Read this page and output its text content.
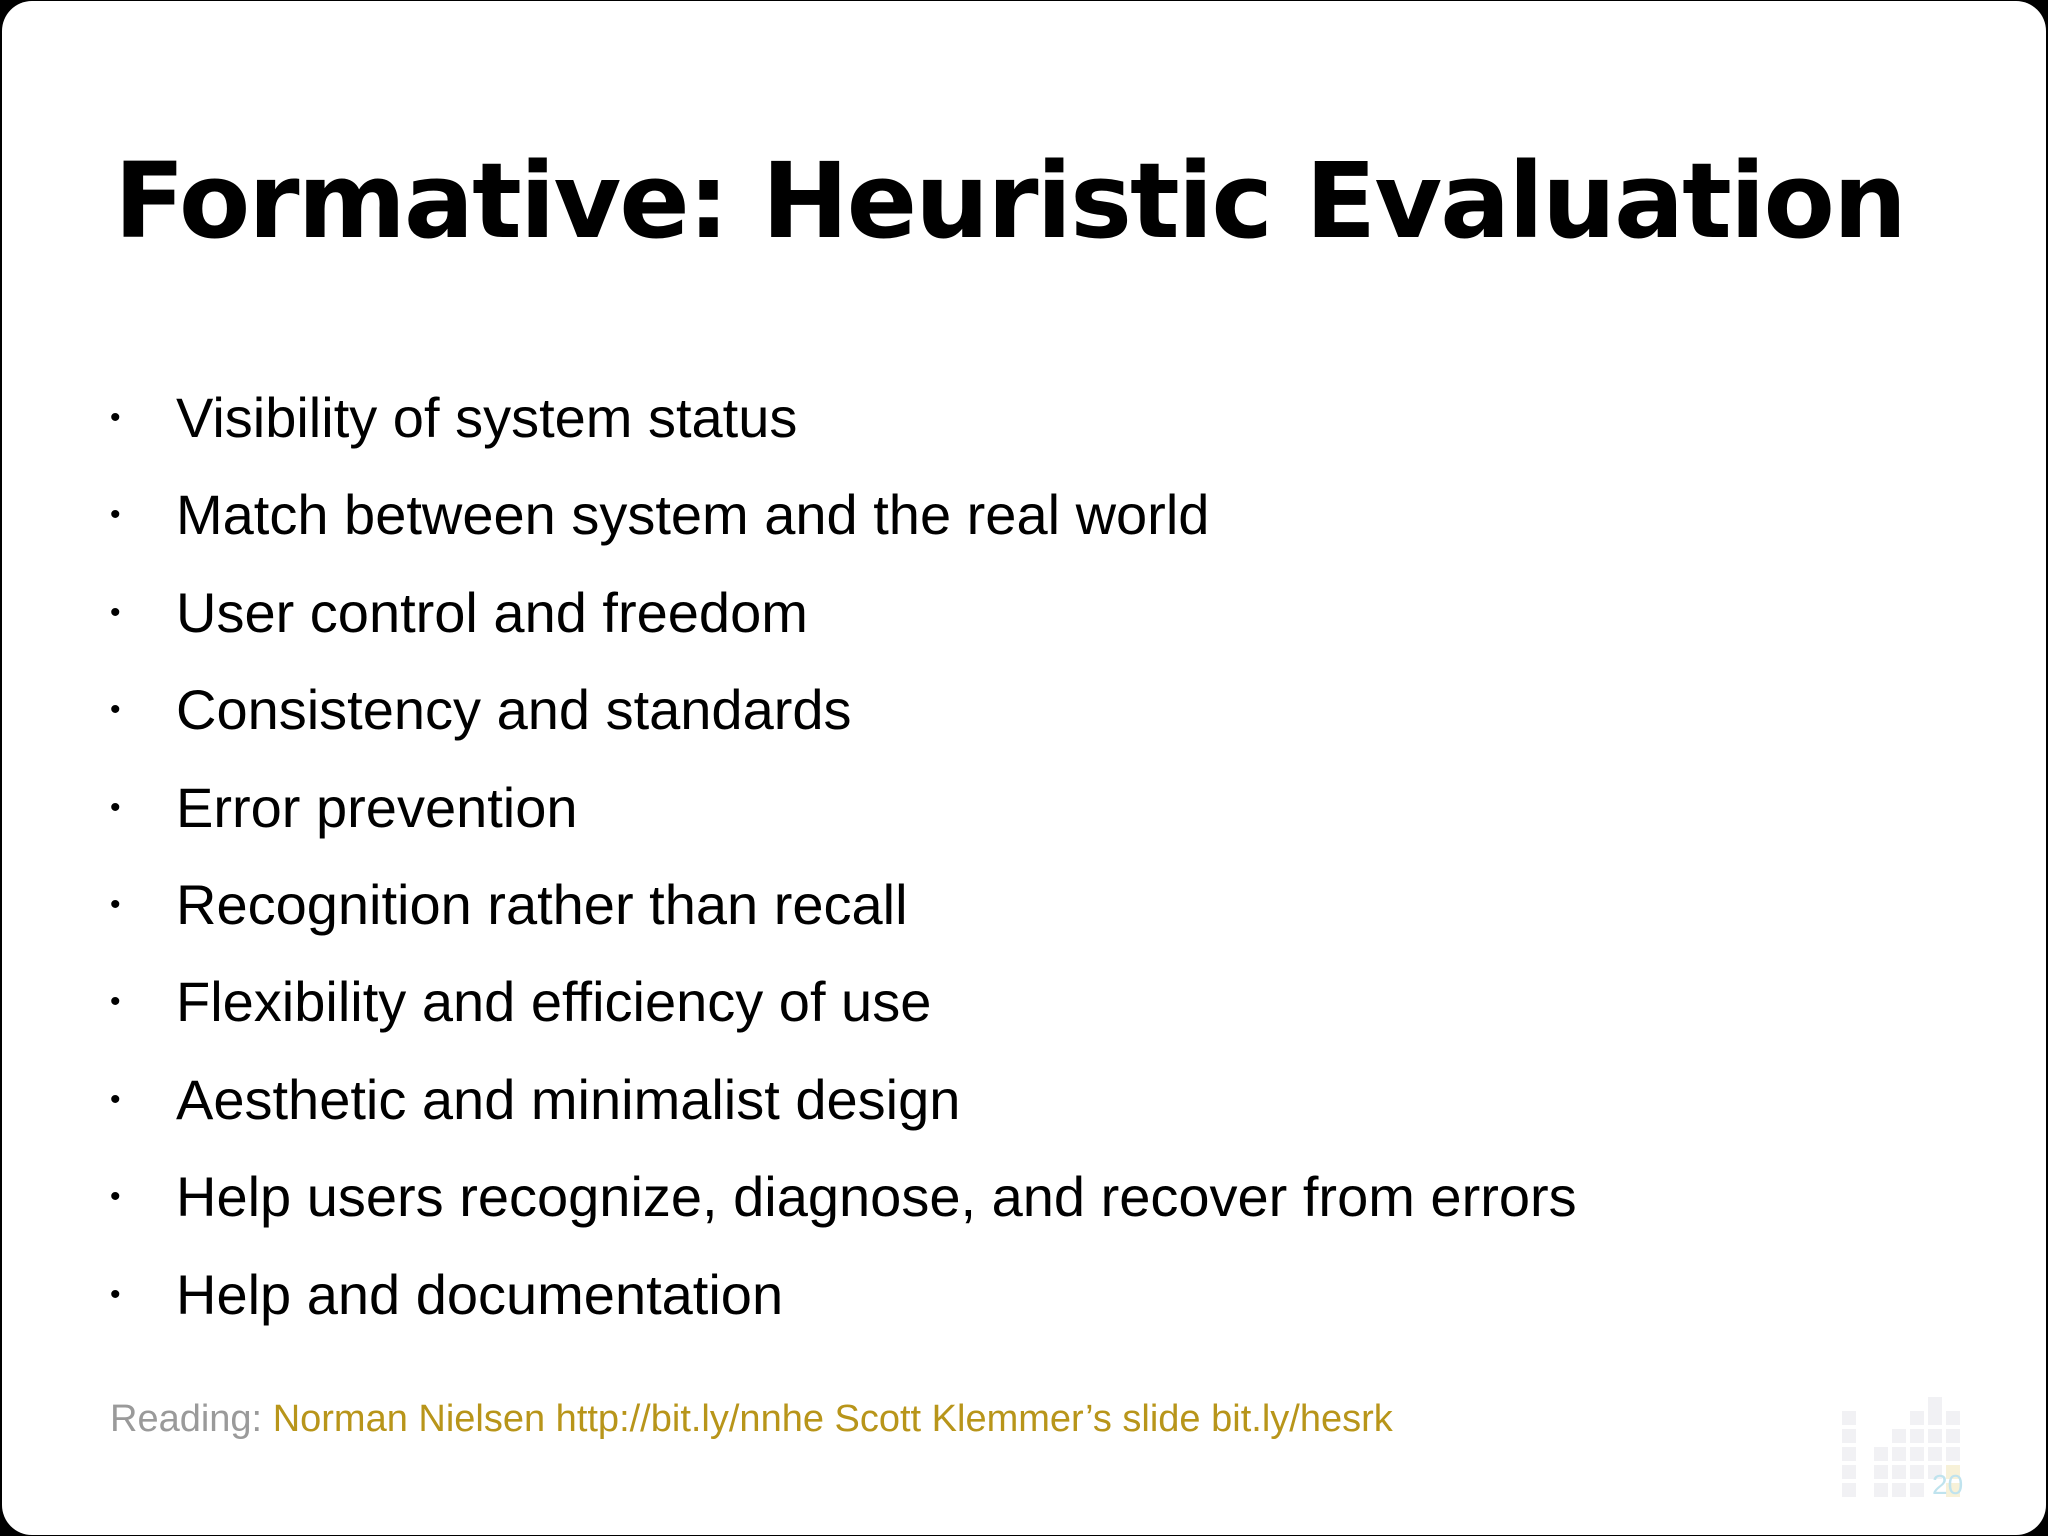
Formative: Heuristic Evaluation
• Visibility of system status
• Match between system and the real world
• User control and freedom
• Consistency and standards
• Error prevention
• Recognition rather than recall
• Flexibility and efficiency of use
• Aesthetic and minimalist design
• Help users recognize, diagnose, and recover from errors
• Help and documentation
Reading: Norman Nielsen http://bit.ly/nnhe Scott Klemmer’s slide bit.ly/hesrk
20
